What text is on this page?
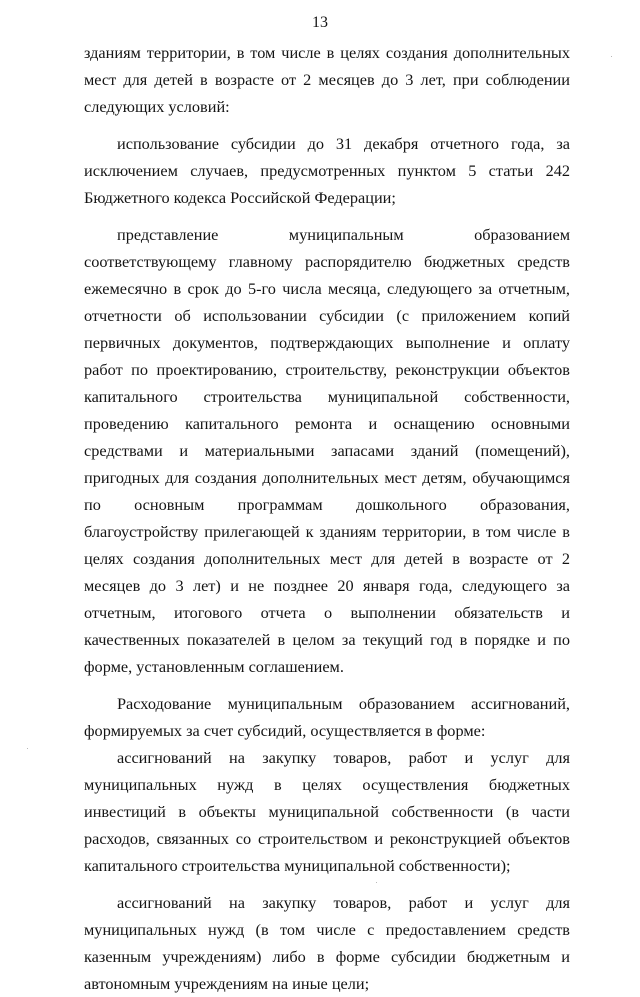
13

зданиям территории, в том числе в целях создания дополнительных мест для детей в возрасте от 2 месяцев до 3 лет, при соблюдении следующих условий:

использование субсидии до 31 декабря отчетного года, за исключением случаев, предусмотренных пунктом 5 статьи 242 Бюджетного кодекса Российской Федерации;

представление муниципальным образованием соответствующему главному распорядителю бюджетных средств ежемесячно в срок до 5-го числа месяца, следующего за отчетным, отчетности об использовании субсидии (с приложением копий первичных документов, подтверждающих выполнение и оплату работ по проектированию, строительству, реконструкции объектов капитального строительства муниципальной собственности, проведению капитального ремонта и оснащению основными средствами и материальными запасами зданий (помещений), пригодных для создания дополнительных мест детям, обучающимся по основным программам дошкольного образования, благоустройству прилегающей к зданиям территории, в том числе в целях создания дополнительных мест для детей в возрасте от 2 месяцев до 3 лет) и не позднее 20 января года, следующего за отчетным, итогового отчета о выполнении обязательств и качественных показателей в целом за текущий год в порядке и по форме, установленным соглашением.

Расходование муниципальным образованием ассигнований, формируемых за счет субсидий, осуществляется в форме:

ассигнований на закупку товаров, работ и услуг для муниципальных нужд в целях осуществления бюджетных инвестиций в объекты муниципальной собственности (в части расходов, связанных со строительством и реконструкцией объектов капитального строительства муниципальной собственности);

ассигнований на закупку товаров, работ и услуг для муниципальных нужд (в том числе с предоставлением средств казенным учреждениям) либо в форме субсидии бюджетным и автономным учреждениям на иные цели;
